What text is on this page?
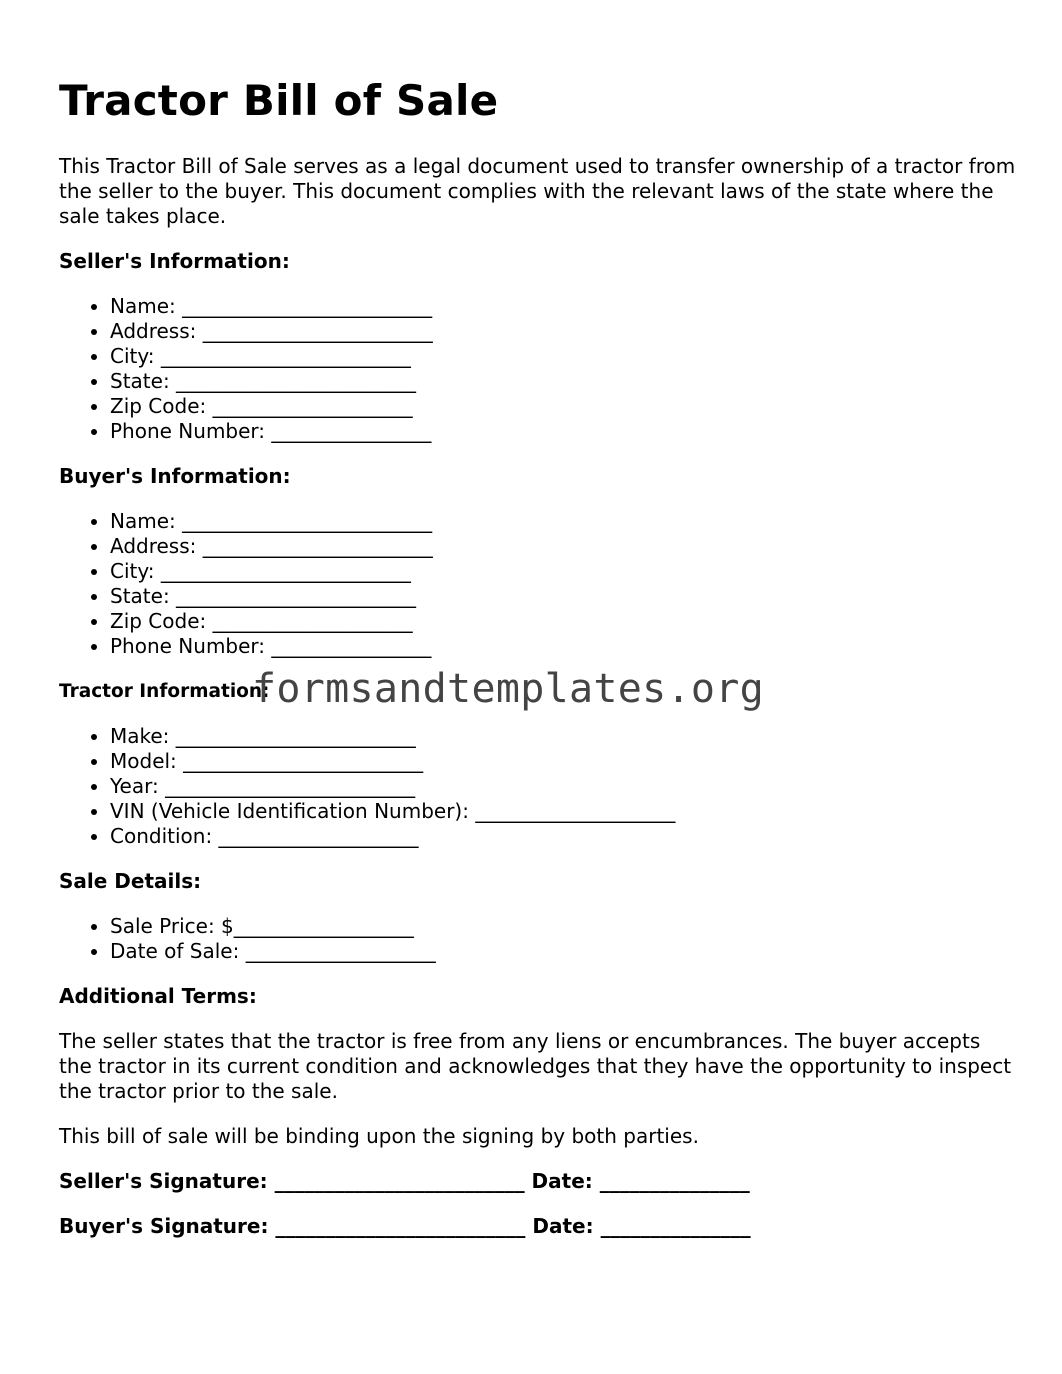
Tractor Bill of Sale

This Tractor Bill of Sale serves as a legal document used to transfer ownership of a tractor from the seller to the buyer. This document complies with the relevant laws of the state where the sale takes place.

Seller's Information:
• Name: _________________________
• Address: _______________________
• City: _________________________
• State: ________________________
• Zip Code: ____________________
• Phone Number: ________________
Buyer's Information:
• Name: _________________________
• Address: _______________________
• City: _________________________
• State: ________________________
• Zip Code: ____________________
• Phone Number: ________________
Tractor Information:
• Make: ________________________
• Model: ________________________
• Year: _________________________
• VIN (Vehicle Identification Number): ____________________
• Condition: ____________________
Sale Details:
• Sale Price: $__________________
• Date of Sale: ___________________
Additional Terms:

The seller states that the tractor is free from any liens or encumbrances. The buyer accepts the tractor in its current condition and acknowledges that they have the opportunity to inspect the tractor prior to the sale.

This bill of sale will be binding upon the signing by both parties.

Seller's Signature: _________________________ Date: _______________
Buyer's Signature: _________________________ Date: _______________
formsandtemplates.org
